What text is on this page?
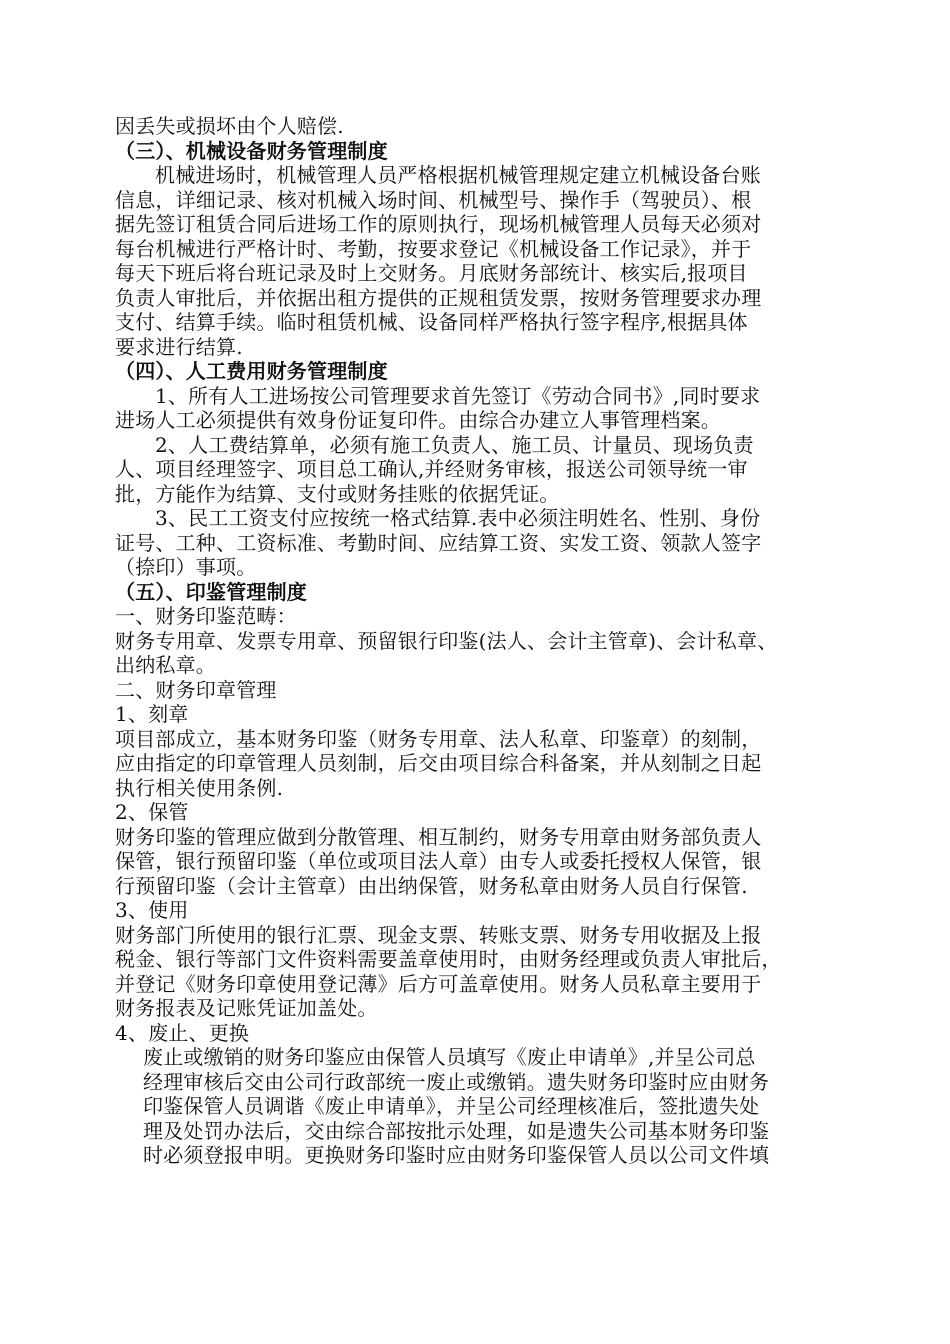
因丢失或损坏由个人赔偿.
（三）、机械设备财务管理制度
机械进场时，机械管理人员严格根据机械管理规定建立机械设备台账
信息，详细记录、核对机械入场时间、机械型号、操作手（驾驶员）、根
据先签订租赁合同后进场工作的原则执行，现场机械管理人员每天必须对
每台机械进行严格计时、考勤，按要求登记《机械设备工作记录》，并于
每天下班后将台班记录及时上交财务。月底财务部统计、核实后,报项目
负责人审批后，并依据出租方提供的正规租赁发票，按财务管理要求办理
支付、结算手续。临时租赁机械、设备同样严格执行签字程序,根据具体
要求进行结算.
（四）、人工费用财务管理制度
1、所有人工进场按公司管理要求首先签订《劳动合同书》,同时要求
进场人工必须提供有效身份证复印件。由综合办建立人事管理档案。
2、人工费结算单，必须有施工负责人、施工员、计量员、现场负责
人、项目经理签字、项目总工确认,并经财务审核，报送公司领导统一审
批，方能作为结算、支付或财务挂账的依据凭证。
3、民工工资支付应按统一格式结算.表中必须注明姓名、性别、身份
证号、工种、工资标准、考勤时间、应结算工资、实发工资、领款人签字
（捺印）事项。
（五）、印鉴管理制度
一、财务印鉴范畴：
财务专用章、发票专用章、预留银行印鉴(法人、会计主管章)、会计私章、
出纳私章。
二、财务印章管理
1、刻章
项目部成立，基本财务印鉴（财务专用章、法人私章、印鉴章）的刻制，
应由指定的印章管理人员刻制，后交由项目综合科备案，并从刻制之日起
执行相关使用条例.
2、保管
财务印鉴的管理应做到分散管理、相互制约，财务专用章由财务部负责人
保管，银行预留印鉴（单位或项目法人章）由专人或委托授权人保管，银
行预留印鉴（会计主管章）由出纳保管，财务私章由财务人员自行保管.
3、使用
财务部门所使用的银行汇票、现金支票、转账支票、财务专用收据及上报
税金、银行等部门文件资料需要盖章使用时，由财务经理或负责人审批后，
并登记《财务印章使用登记薄》后方可盖章使用。财务人员私章主要用于
财务报表及记账凭证加盖处。
4、废止、更换
废止或缴销的财务印鉴应由保管人员填写《废止申请单》,并呈公司总
经理审核后交由公司行政部统一废止或缴销。遗失财务印鉴时应由财务
印鉴保管人员调谐《废止申请单》，并呈公司经理核准后，签批遗失处
理及处罚办法后，交由综合部按批示处理，如是遗失公司基本财务印鉴
时必须登报申明。更换财务印鉴时应由财务印鉴保管人员以公司文件填
